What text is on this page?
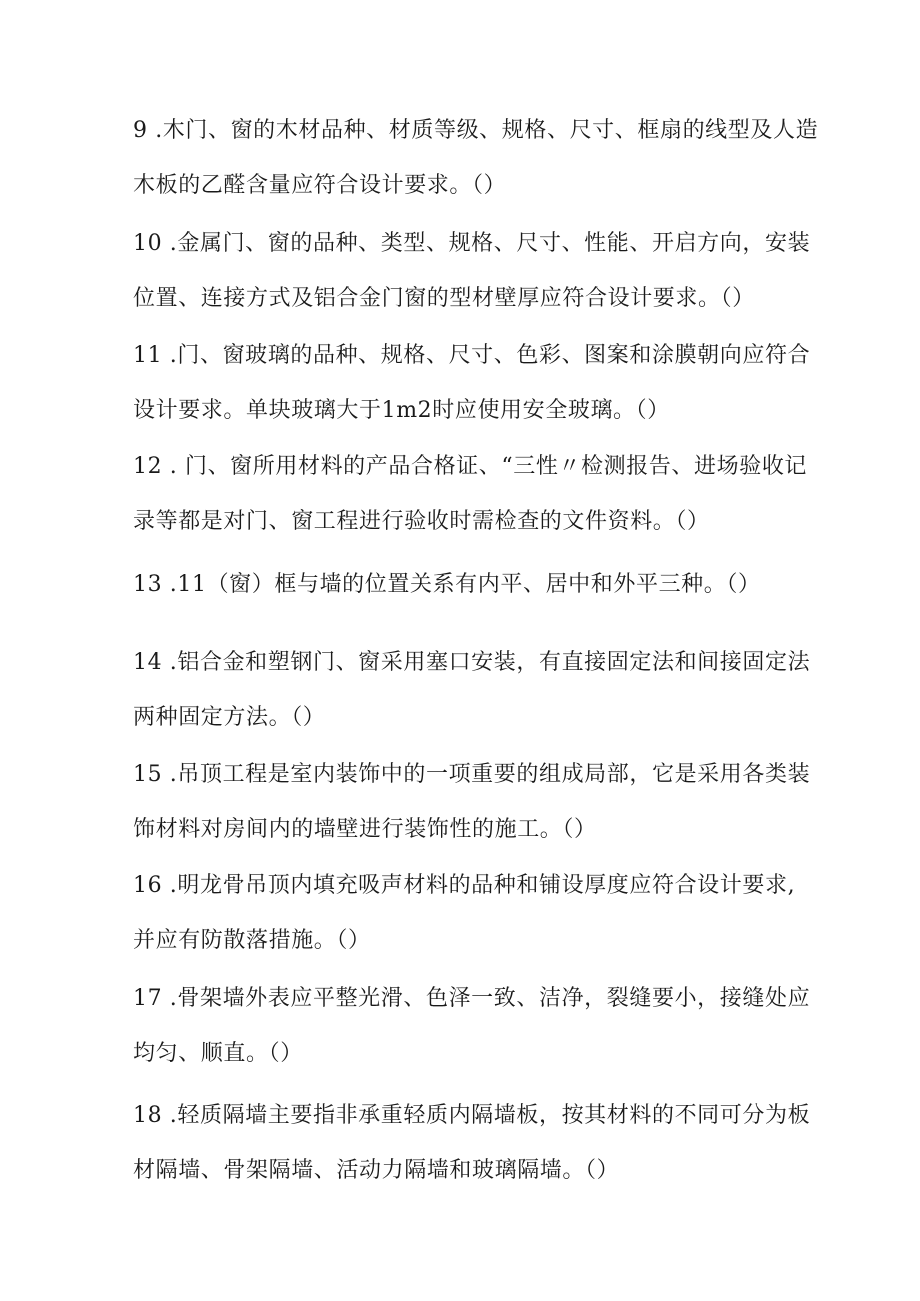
9 .木门、窗的木材品种、材质等级、规格、尺寸、框扇的线型及人造
木板的乙醛含量应符合设计要求。（）
10 .金属门、窗的品种、类型、规格、尺寸、性能、开启方向，安装
位置、连接方式及铝合金门窗的型材壁厚应符合设计要求。（）
11 .门、窗玻璃的品种、规格、尺寸、色彩、图案和涂膜朝向应符合
设计要求。单块玻璃大于1m2时应使用安全玻璃。（）
12 . 门、窗所用材料的产品合格证、“三性〃检测报告、进场验收记
录等都是对门、窗工程进行验收时需检查的文件资料。（）
13 .11（窗）框与墙的位置关系有内平、居中和外平三种。（）
14 .铝合金和塑钢门、窗采用塞口安装，有直接固定法和间接固定法
两种固定方法。（）
15 .吊顶工程是室内装饰中的一项重要的组成局部，它是采用各类装
饰材料对房间内的墙壁进行装饰性的施工。（）
16 .明龙骨吊顶内填充吸声材料的品种和铺设厚度应符合设计要求,
并应有防散落措施。（）
17 .骨架墙外表应平整光滑、色泽一致、洁净，裂缝要小，接缝处应
均匀、顺直。（）
18 .轻质隔墙主要指非承重轻质内隔墙板，按其材料的不同可分为板
材隔墙、骨架隔墙、活动力隔墙和玻璃隔墙。（）
